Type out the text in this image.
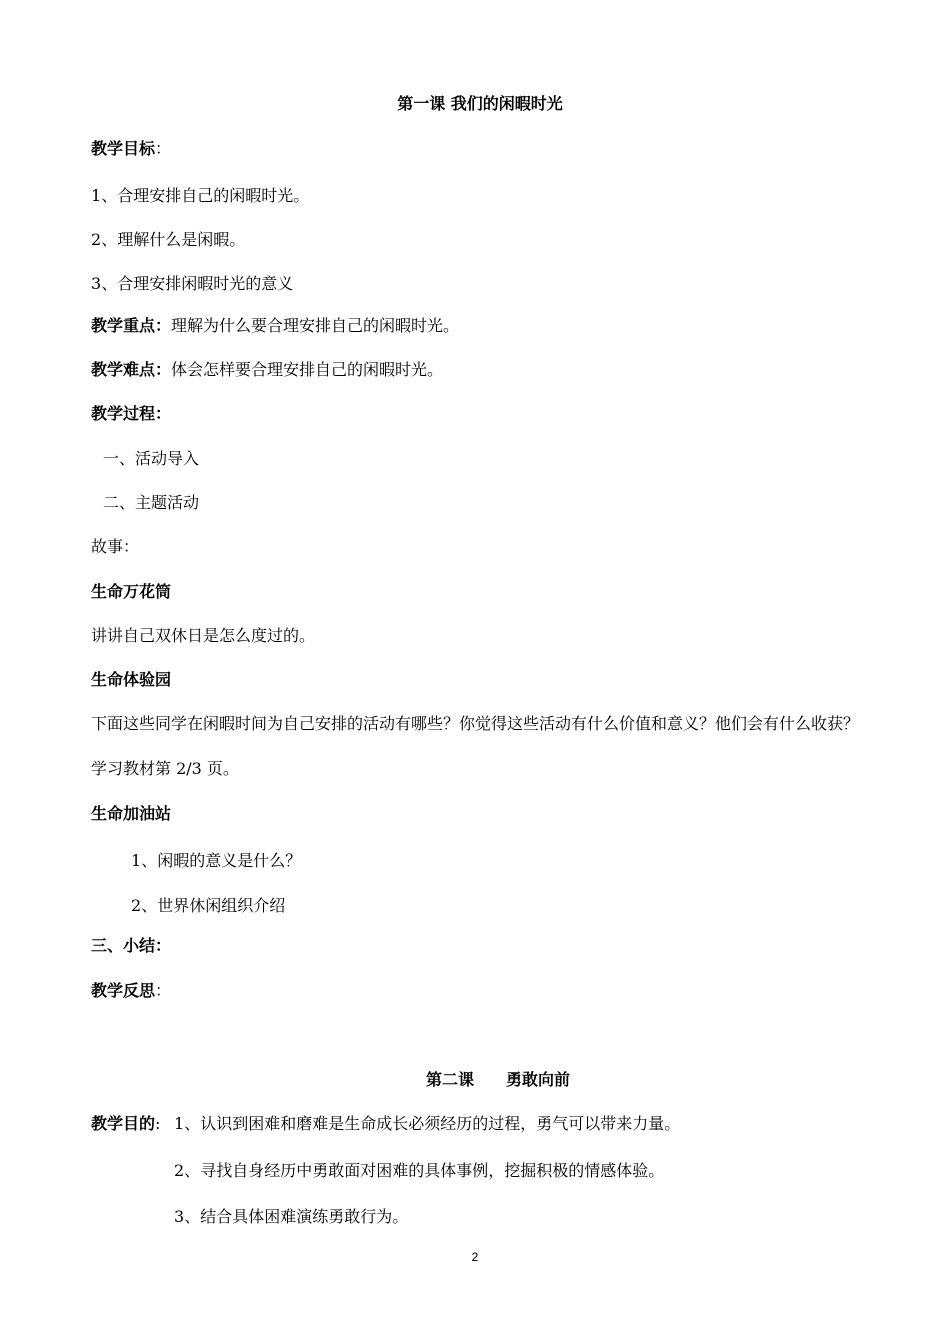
第一课 我们的闲暇时光
教学目标：
1、合理安排自己的闲暇时光。
2、理解什么是闲暇。
3、合理安排闲暇时光的意义
教学重点：理解为什么要合理安排自己的闲暇时光。
教学难点：体会怎样要合理安排自己的闲暇时光。
教学过程：
一、活动导入
二、主题活动
故事：
生命万花筒
讲讲自己双休日是怎么度过的。
生命体验园
下面这些同学在闲暇时间为自己安排的活动有哪些？你觉得这些活动有什么价值和意义？他们会有什么收获？
学习教材第 2/3 页。
生命加油站
1、闲暇的意义是什么？
2、世界休闲组织介绍
三、小结：
教学反思：
第二课　　勇敢向前
教学目的: 1、认识到困难和磨难是生命成长必须经历的过程，勇气可以带来力量。
2、寻找自身经历中勇敢面对困难的具体事例，挖掘积极的情感体验。
3、结合具体困难演练勇敢行为。
2
